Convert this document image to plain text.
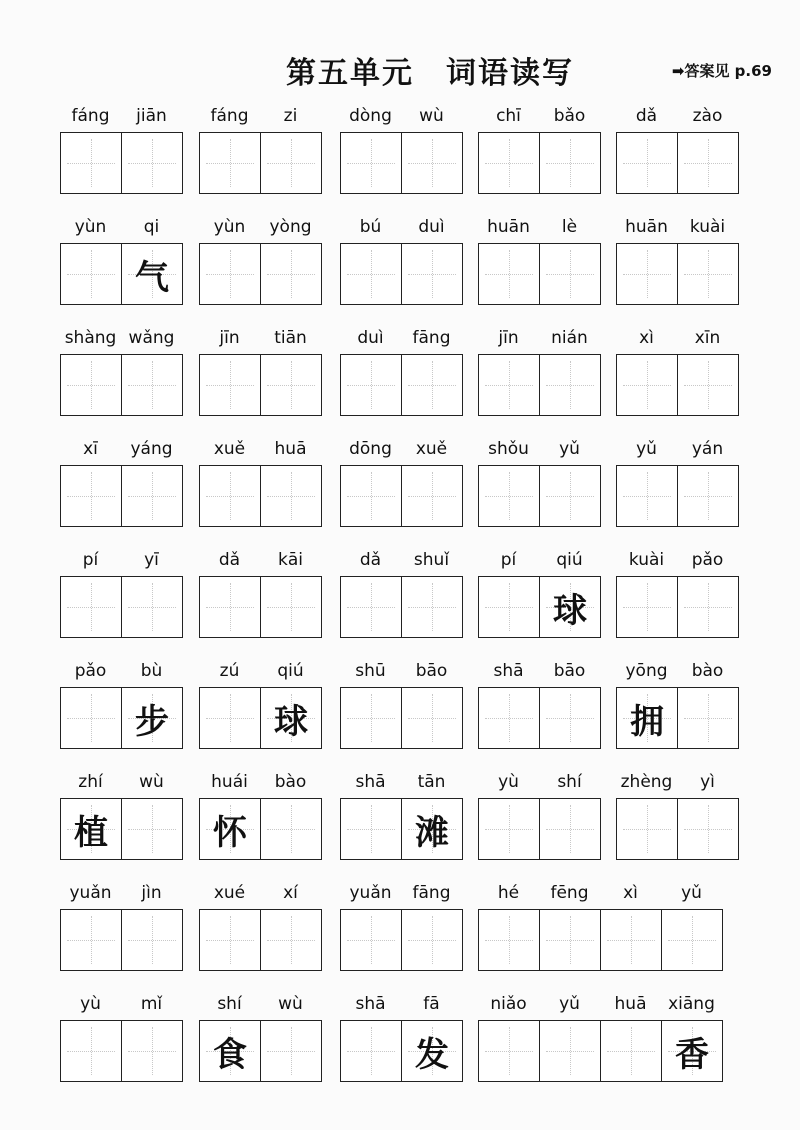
第五单元　词语读写	➡答案见 p.69
fáng	jiān	fáng	zi	dòng	wù	chī	bǎo	dǎ	zào
yùn	qi
气
yùn	yòng	bú	duì	huān	lè	huān	kuài
shàng wǎng	jīn	tiān	duì	fāng	jīn	nián	xì	xīn
xī	yáng	xuě	huā	dōng	xuě	shǒu	yǔ	yǔ	yán
pí	yī	dǎ	kāi	dǎ	shuǐ	pí	qiú
球
kuài	pǎo
pǎo	bù
步
zú	qiú
球
shū	bāo	shā	bāo	yōng	bào
拥
zhí	wù
植
huái	bào
怀
shā	tān
滩
yù	shí	zhèng	yì
yuǎn	jìn	xué	xí	yuǎn	fāng	hé	fēng	xì	yǔ
yù	mǐ	shí	wù
食
shā	fā
发
niǎo	yǔ	huā	xiāng
香
